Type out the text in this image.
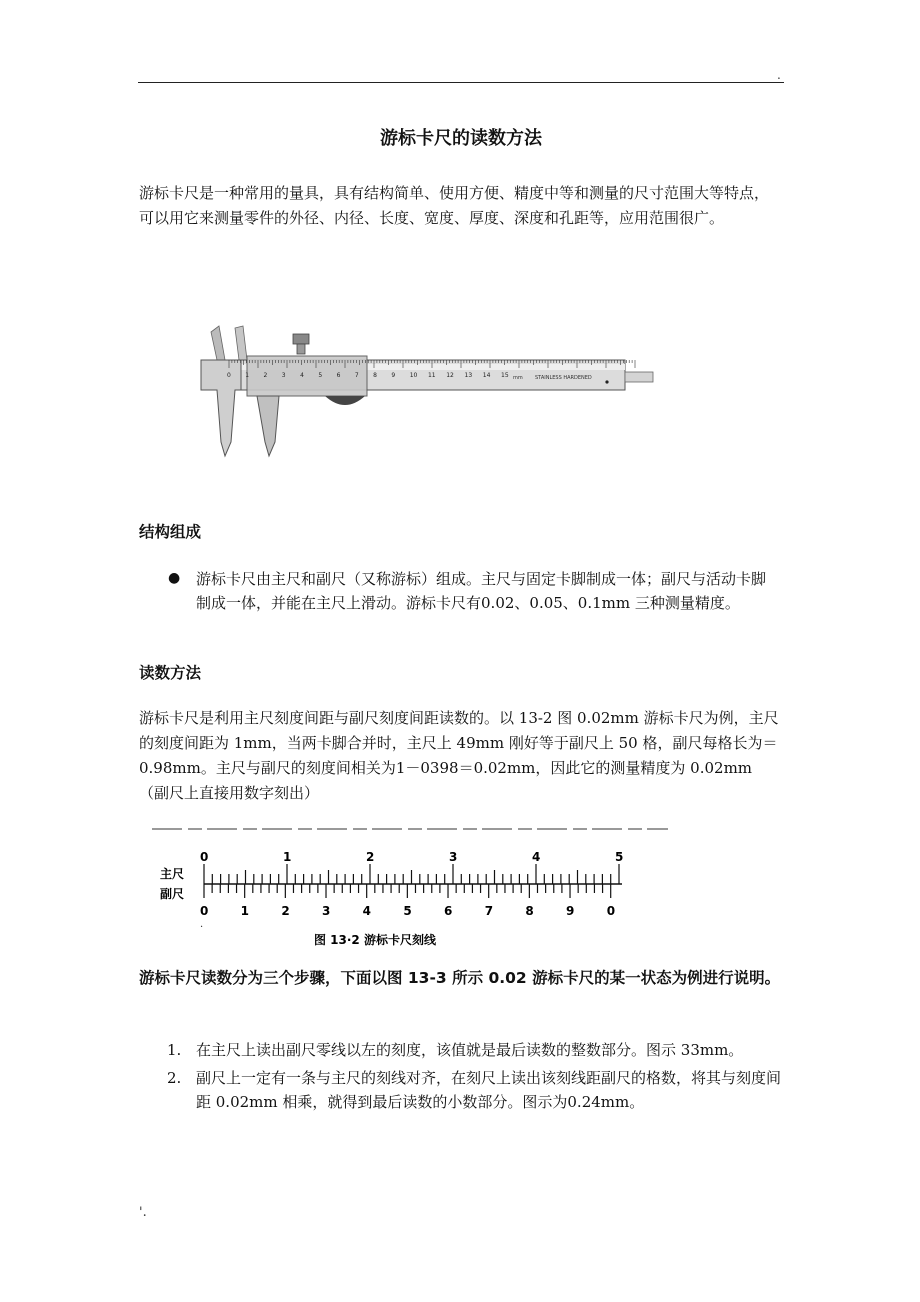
.
游标卡尺的读数方法

游标卡尺是一种常用的量具，具有结构简单、使用方便、精度中等和测量的尺寸范围大等特点，可以用它来测量零件的外径、内径、长度、宽度、厚度、深度和孔距等，应用范围很广。

0 1 2 3 4 5 6 7 8 9 10 11 12 13 14 15	STAINLESS HARDENED
mm
结构组成
● 游标卡尺由主尺和副尺（又称游标）组成。主尺与固定卡脚制成一体；副尺与活动卡脚制成一体，并能在主尺上滑动。游标卡尺有0.02、0.05、0.1mm 三种测量精度。

读数方法

游标卡尺是利用主尺刻度间距与副尺刻度间距读数的。以 13-2 图 0.02mm 游标卡尺为例，主尺的刻度间距为 1mm，当两卡脚合并时，主尺上 49mm 刚好等于副尺上 50 格，副尺每格长为＝0.98mm。主尺与副尺的刻度间相关为1－0398＝0.02mm，因此它的测量精度为 0.02mm（副尺上直接用数字刻出）

主尺
副尺
0	1	2	3	4	5
0	1	2	3	4	5	6	7	8	9	0
图 13·2 游标卡尺刻线
·

游标卡尺读数分为三个步骤，下面以图 13-3 所示 0.02 游标卡尺的某一状态为例进行说明。

1. 在主尺上读出副尺零线以左的刻度，该值就是最后读数的整数部分。图示 33mm。
2. 副尺上一定有一条与主尺的刻线对齐，在刻尺上读出该刻线距副尺的格数，将其与刻度间距 0.02mm 相乘，就得到最后读数的小数部分。图示为0.24mm。
'.
